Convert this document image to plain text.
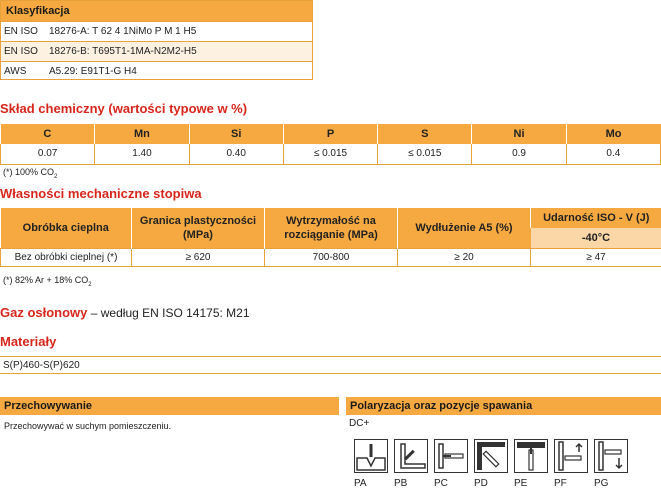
Klasyfikacja
EN ISO	18276-A: T 62 4 1NiMo P M 1 H5
EN ISO	18276-B: T695T1-1MA-N2M2-H5
AWS	A5.29: E91T1-G H4
Skład chemiczny (wartości typowe w %)
C	Mn	Si	P	S	Ni	Mo
0.07	1.40	0.40	≤ 0.015	≤ 0.015	0.9	0.4
(*) 100% $CO_2$
Własności mechaniczne stopiwa
Obróbka cieplna	Granica plastyczności (MPa)	Wytrzymałość na rozciąganie (MPa)	Wydłużenie A5 (%)	Udarność ISO - V (J)
				-40°C
Bez obróbki cieplnej (*)	≥ 620	700-800	≥ 20	≥ 47
(*) 82% Ar + 18% $CO_2$
Gaz osłonowy – według EN ISO 14175: M21
Materiały
S(P)460-S(P)620
Przechowywanie
Przechowywać w suchym pomieszczeniu.
Polaryzacja oraz pozycje spawania
DC+
PA	PB	PC	PD	PE	PF	PG
